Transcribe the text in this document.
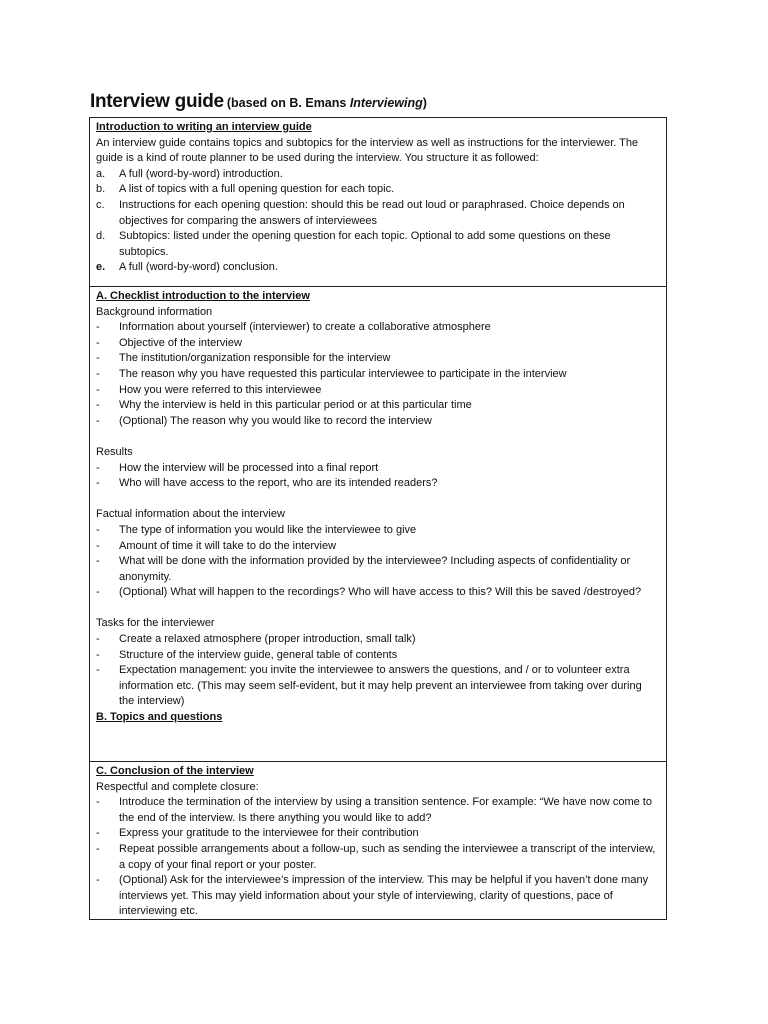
Interview guide (based on B. Emans Interviewing)
Introduction to writing an interview guide

An interview guide contains topics and subtopics for the interview as well as instructions for the interviewer. The guide is a kind of route planner to be used during the interview. You structure it as followed:

a.	A full (word-by-word) introduction.
b.	A list of topics with a full opening question for each topic.
c.	Instructions for each opening question: should this be read out loud or paraphrased. Choice depends on objectives for comparing the answers of interviewees
d.	Subtopics: listed under the opening question for each topic. Optional to add some questions on these subtopics.
e.	A full (word-by-word) conclusion.
A. Checklist introduction to the interview

Background information

-	Information about yourself (interviewer) to create a collaborative atmosphere
-	Objective of the interview
-	The institution/organization responsible for the interview
-	The reason why you have requested this particular interviewee to participate in the interview
-	How you were referred to this interviewee
-	Why the interview is held in this particular period or at this particular time
-	(Optional) The reason why you would like to record the interview

Results

-	How the interview will be processed into a final report
-	Who will have access to the report, who are its intended readers?

Factual information about the interview

-	The type of information you would like the interviewee to give
-	Amount of time it will take to do the interview
-	What will be done with the information provided by the interviewee? Including aspects of confidentiality or anonymity.
-	(Optional) What will happen to the recordings? Who will have access to this? Will this be saved /destroyed?

Tasks for the interviewer

-	Create a relaxed atmosphere (proper introduction, small talk)
-	Structure of the interview guide, general table of contents
-	Expectation management: you invite the interviewee to answers the questions, and / or to volunteer extra information etc. (This may seem self-evident, but it may help prevent an interviewee from taking over during the interview)
B. Topics and questions
C. Conclusion of the interview

Respectful and complete closure:

-	Introduce the termination of the interview by using a transition sentence. For example: “We have now come to the end of the interview. Is there anything you would like to add?
-	Express your gratitude to the interviewee for their contribution
-	Repeat possible arrangements about a follow-up, such as sending the interviewee a transcript of the interview, a copy of your final report or your poster.
-	(Optional) Ask for the interviewee’s impression of the interview. This may be helpful if you haven’t done many interviews yet. This may yield information about your style of interviewing, clarity of questions, pace of interviewing etc.
